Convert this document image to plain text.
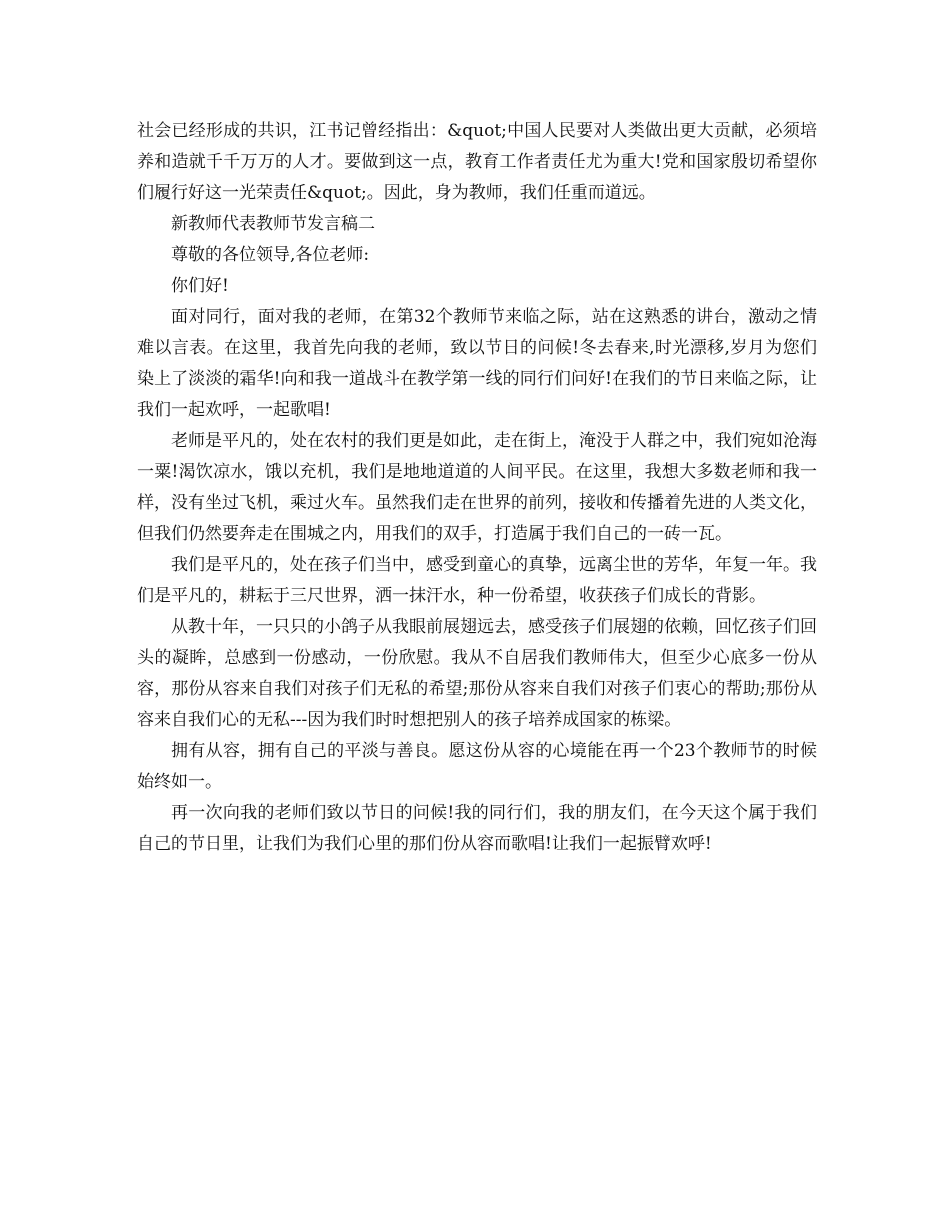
社会已经形成的共识，江书记曾经指出：&quot;中国人民要对人类做出更大贡献，必须培养和造就千千万万的人才。要做到这一点，教育工作者责任尤为重大!党和国家殷切希望你们履行好这一光荣责任&quot;。因此，身为教师，我们任重而道远。

新教师代表教师节发言稿二

尊敬的各位领导,各位老师:

你们好!

面对同行，面对我的老师，在第32个教师节来临之际，站在这熟悉的讲台，激动之情难以言表。在这里，我首先向我的老师，致以节日的问候!冬去春来,时光漂移,岁月为您们染上了淡淡的霜华!向和我一道战斗在教学第一线的同行们问好!在我们的节日来临之际，让我们一起欢呼，一起歌唱!

老师是平凡的，处在农村的我们更是如此，走在街上，淹没于人群之中，我们宛如沧海一粟!渴饮凉水，饿以充机，我们是地地道道的人间平民。在这里，我想大多数老师和我一样，没有坐过飞机，乘过火车。虽然我们走在世界的前列，接收和传播着先进的人类文化，但我们仍然要奔走在围城之内，用我们的双手，打造属于我们自己的一砖一瓦。

我们是平凡的，处在孩子们当中，感受到童心的真挚，远离尘世的芳华，年复一年。我们是平凡的，耕耘于三尺世界，洒一抹汗水，种一份希望，收获孩子们成长的背影。

从教十年，一只只的小鸽子从我眼前展翅远去，感受孩子们展翅的依赖，回忆孩子们回头的凝眸，总感到一份感动，一份欣慰。我从不自居我们教师伟大，但至少心底多一份从容，那份从容来自我们对孩子们无私的希望;那份从容来自我们对孩子们衷心的帮助;那份从容来自我们心的无私---因为我们时时想把别人的孩子培养成国家的栋梁。

拥有从容，拥有自己的平淡与善良。愿这份从容的心境能在再一个23个教师节的时候始终如一。

再一次向我的老师们致以节日的问候!我的同行们，我的朋友们，在今天这个属于我们自己的节日里，让我们为我们心里的那们份从容而歌唱!让我们一起振臂欢呼!
